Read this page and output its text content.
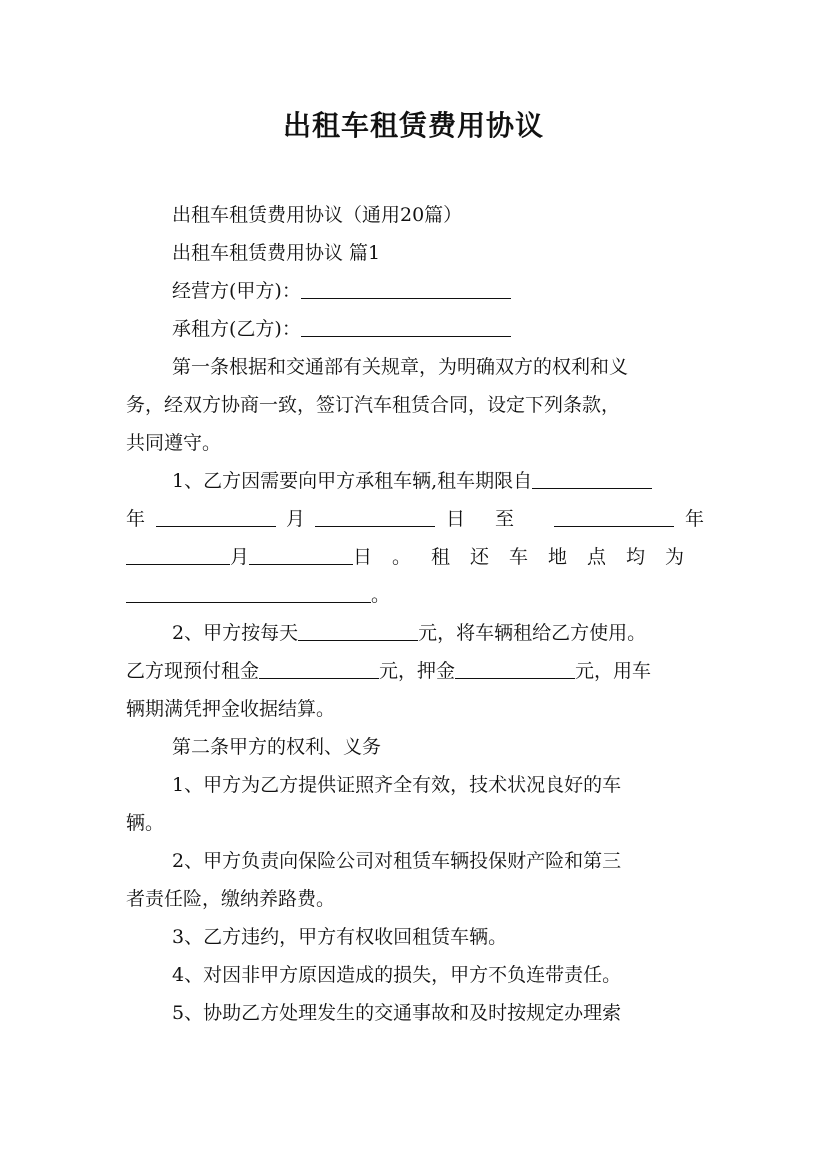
出租车租赁费用协议
出租车租赁费用协议（通用20篇）
出租车租赁费用协议 篇1
经营方(甲方)：
承租方(乙方)：
第一条根据和交通部有关规章，为明确双方的权利和义
务，经双方协商一致，签订汽车租赁合同，设定下列条款，
共同遵守。
1、乙方因需要向甲方承租车辆,租车期限自
年	月	日至	年
月	日。租还车地点均为
。
2、甲方按每天	元，将车辆租给乙方使用。
乙方现预付租金	元，押金	元，用车
辆期满凭押金收据结算。
第二条甲方的权利、义务
1、甲方为乙方提供证照齐全有效，技术状况良好的车
辆。
2、甲方负责向保险公司对租赁车辆投保财产险和第三
者责任险，缴纳养路费。
3、乙方违约，甲方有权收回租赁车辆。
4、对因非甲方原因造成的损失，甲方不负连带责任。
5、协助乙方处理发生的交通事故和及时按规定办理索
